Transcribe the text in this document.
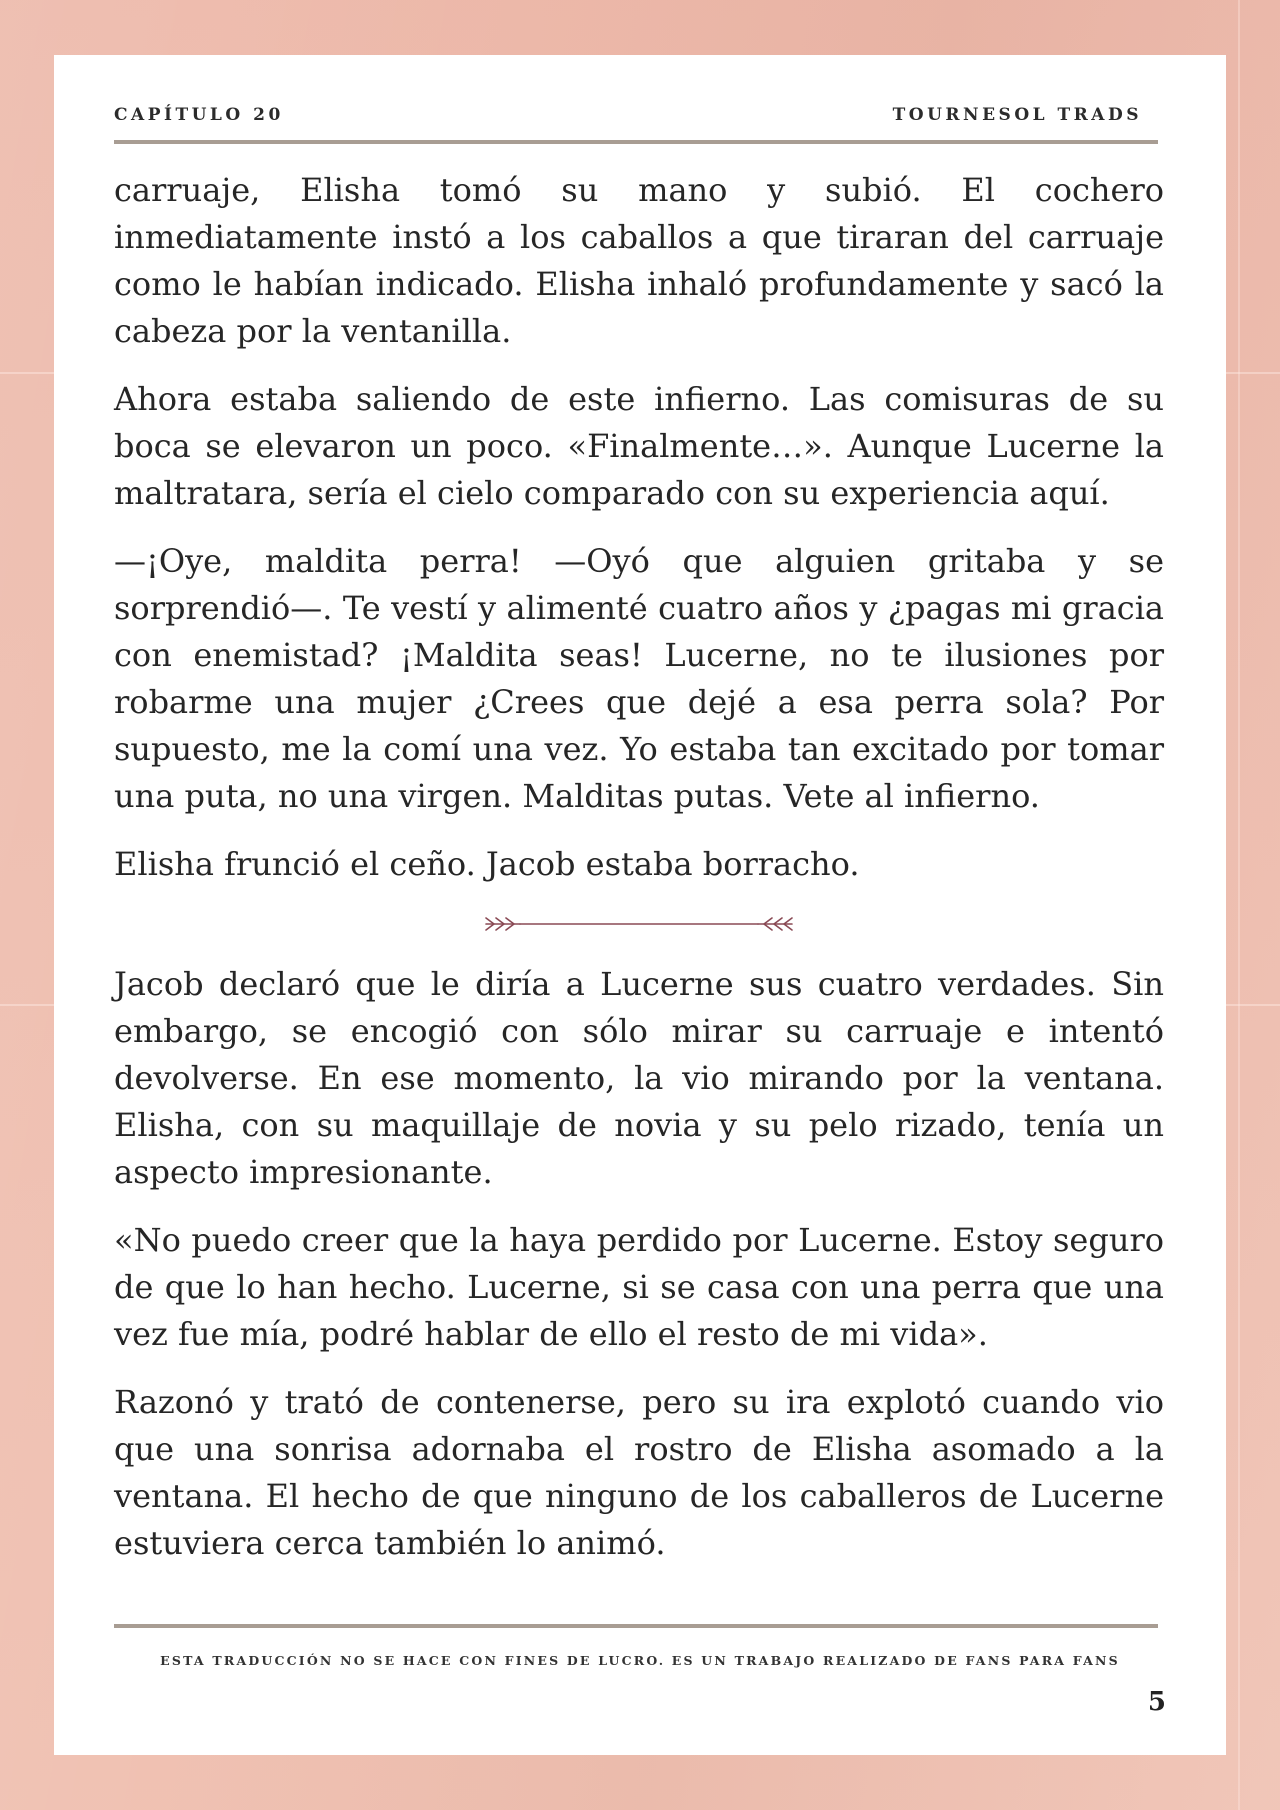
CAPÍTULO 20	TOURNESOL TRADS

carruaje, Elisha tomó su mano y subió. El cochero inmediatamente instó a los caballos a que tiraran del carruaje como le habían indicado. Elisha inhaló profundamente y sacó la cabeza por la ventanilla.

Ahora estaba saliendo de este infierno. Las comisuras de su boca se elevaron un poco. «Finalmente…». Aunque Lucerne la maltratara, sería el cielo comparado con su experiencia aquí.

—¡Oye, maldita perra! —Oyó que alguien gritaba y se sorprendió—. Te vestí y alimenté cuatro años y ¿pagas mi gracia con enemistad? ¡Maldita seas! Lucerne, no te ilusiones por robarme una mujer ¿Crees que dejé a esa perra sola? Por supuesto, me la comí una vez. Yo estaba tan excitado por tomar una puta, no una virgen. Malditas putas. Vete al infierno.

Elisha frunció el ceño. Jacob estaba borracho.

Jacob declaró que le diría a Lucerne sus cuatro verdades. Sin embargo, se encogió con sólo mirar su carruaje e intentó devolverse. En ese momento, la vio mirando por la ventana. Elisha, con su maquillaje de novia y su pelo rizado, tenía un aspecto impresionante.

«No puedo creer que la haya perdido por Lucerne. Estoy seguro de que lo han hecho. Lucerne, si se casa con una perra que una vez fue mía, podré hablar de ello el resto de mi vida».

Razonó y trató de contenerse, pero su ira explotó cuando vio que una sonrisa adornaba el rostro de Elisha asomado a la ventana. El hecho de que ninguno de los caballeros de Lucerne estuviera cerca también lo animó.

ESTA TRADUCCIÓN NO SE HACE CON FINES DE LUCRO. ES UN TRABAJO REALIZADO DE FANS PARA FANS
5
